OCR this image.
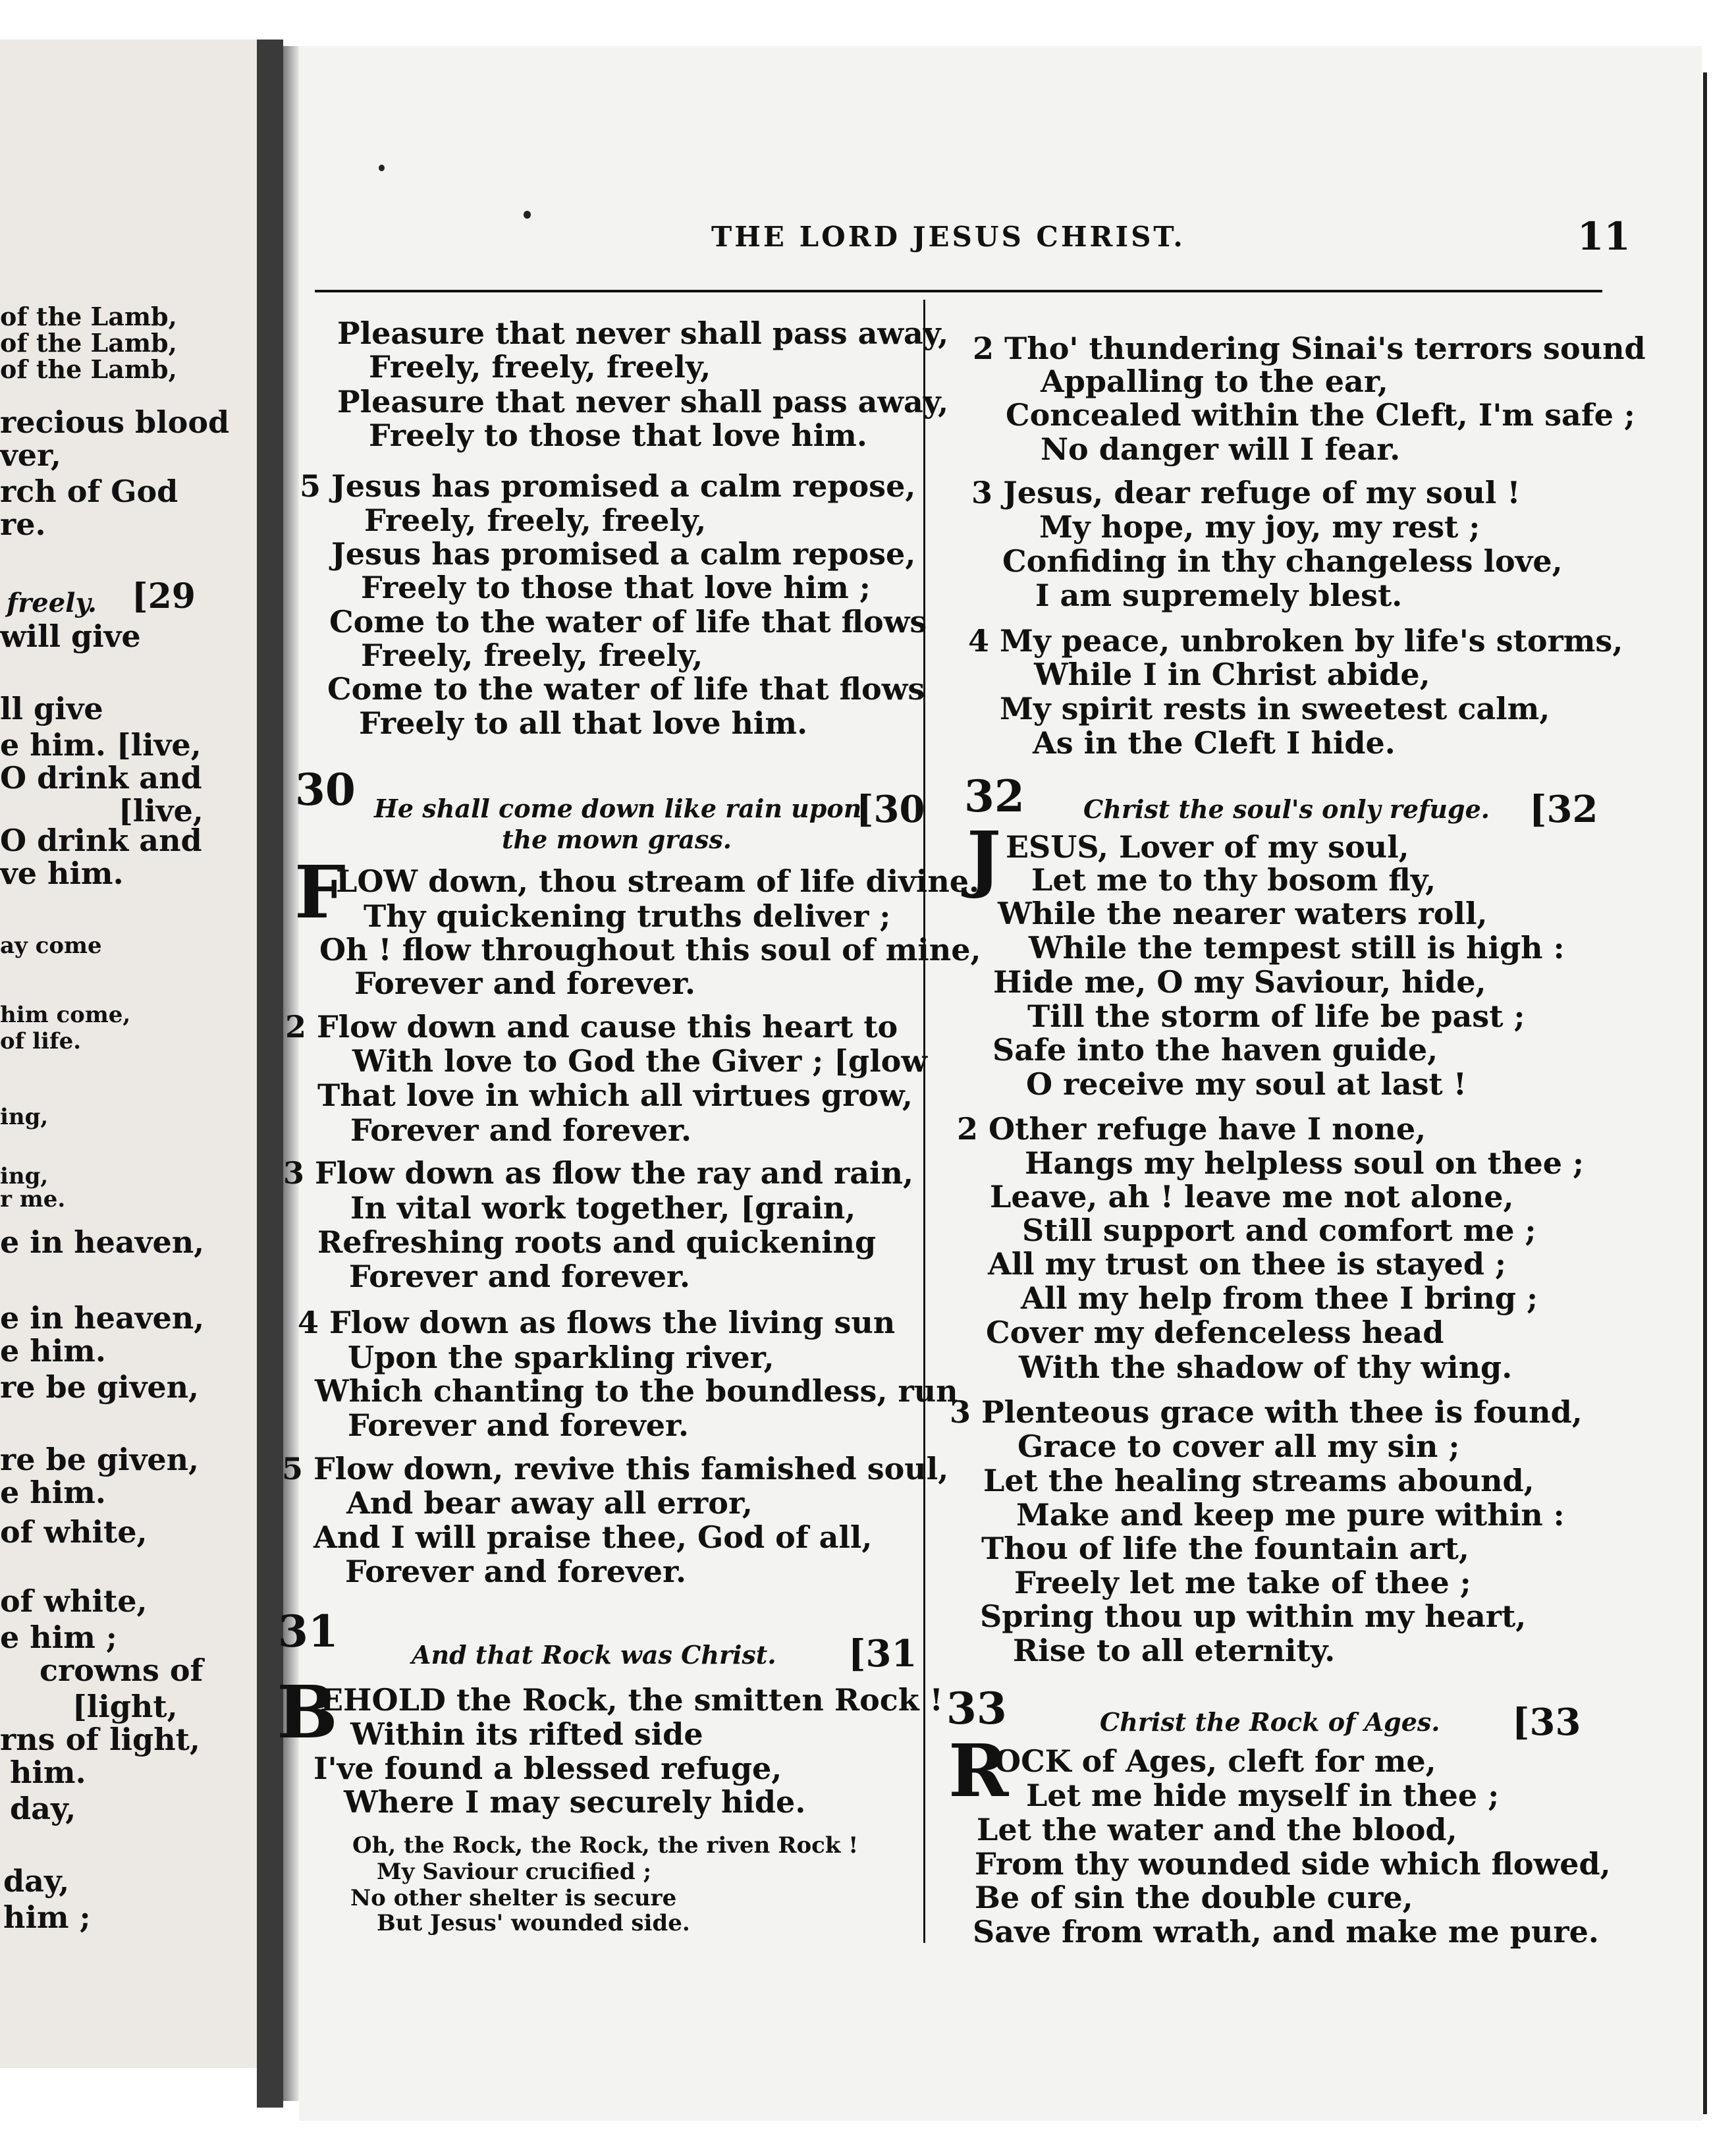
of the Lamb,
of the Lamb,
of the Lamb,
recious blood
ver,
rch of God
re.
freely. [29
will give
ll give
e him. [live,
O drink and
[live,
O drink and
ve him.
ay come
him come,
of life.
ing,
ing,
r me.
e in heaven,
e in heaven,
e him.
re be given,
re be given,
e him.
of white,
of white,
e him ;
crowns of
[light,
rns of light,
him.
day,
day,
him ;
THE LORD JESUS CHRIST.	11
Pleasure that never shall pass away,
Freely, freely, freely,
Pleasure that never shall pass away,
Freely to those that love him.
5 Jesus has promised a calm repose,
Freely, freely, freely,
Jesus has promised a calm repose,
Freely to those that love him ;
Come to the water of life that flows
Freely, freely, freely,
Come to the water of life that flows
Freely to all that love him.
30 He shall come down like rain upon
[30
the mown grass.
F
LOW down, thou stream of life divine.
Thy quickening truths deliver ;
Oh ! flow throughout this soul of mine,
Forever and forever.
2 Flow down and cause this heart to
With love to God the Giver ; [glow
That love in which all virtues grow,
Forever and forever.
3 Flow down as flow the ray and rain,
In vital work together, [grain,
Refreshing roots and quickening
Forever and forever.
4 Flow down as flows the living sun
Upon the sparkling river,
Which chanting to the boundless, run
Forever and forever.
5 Flow down, revive this famished soul,
And bear away all error,
And I will praise thee, God of all,
Forever and forever.
31	And that Rock was Christ. [31
B
EHOLD the Rock, the smitten Rock !
Within its rifted side
I've found a blessed refuge,
Where I may securely hide.
Oh, the Rock, the Rock, the riven Rock !
My Saviour crucified ;
No other shelter is secure
But Jesus' wounded side.
2 Tho' thundering Sinai's terrors sound
Appalling to the ear,
Concealed within the Cleft, I'm safe ;
No danger will I fear.
3 Jesus, dear refuge of my soul !
My hope, my joy, my rest ;
Confiding in thy changeless love,
I am supremely blest.
4 My peace, unbroken by life's storms,
While I in Christ abide,
My spirit rests in sweetest calm,
As in the Cleft I hide.
32 Christ the soul's only refuge. [32
J ESUS, Lover of my soul,
Let me to thy bosom fly,
While the nearer waters roll,
While the tempest still is high :
Hide me, O my Saviour, hide,
Till the storm of life be past ;
Safe into the haven guide,
O receive my soul at last !
2 Other refuge have I none,
Hangs my helpless soul on thee ;
Leave, ah ! leave me not alone,
Still support and comfort me ;
All my trust on thee is stayed ;
All my help from thee I bring ;
Cover my defenceless head
With the shadow of thy wing.
3 Plenteous grace with thee is found,
Grace to cover all my sin ;
Let the healing streams abound,
Make and keep me pure within :
Thou of life the fountain art,
Freely let me take of thee ;
Spring thou up within my heart,
Rise to all eternity.
33	Christ the Rock of Ages. [33
R
OCK of Ages, cleft for me,
Let me hide myself in thee ;
Let the water and the blood,
From thy wounded side which flowed,
Be of sin the double cure,
Save from wrath, and make me pure.
